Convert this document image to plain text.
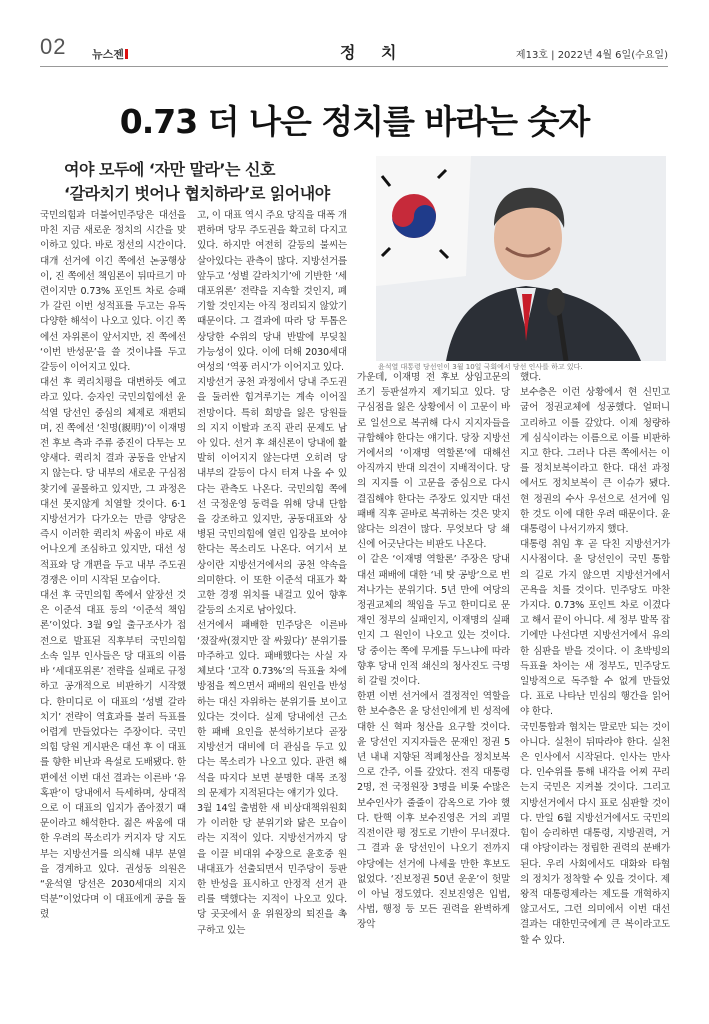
02 뉴스젠	정 치	제13호 | 2022년 4월 6일(수요일)
0.73 더 나은 정치를 바라는 숫자
여야 모두에 ‘자만 말라’는 신호
‘갈라치기 벗어나 협치하라’로 읽어내야
윤석열 대통령 당선인이 3월 10일 국회에서 당선 인사를 하고 있다.
국민의힘과 더불어민주당은 대선을 마친 지금 새로운 정치의 시간을 맞이하고 있다. 바로 정선의 시간이다. 대개 선거에 이긴 쪽에선 논공행상이, 진 쪽에선 책임론이 뒤따르기 마련이지만 0.73% 포인트 차로 승패가 갈린 이번 성적표를 두고는 유독 다양한 해석이 나오고 있다. 이긴 쪽에선 자위론이 앞서지만, 진 쪽에선 ‘이번 반성문’을 쓸 것이냐를 두고 갈등이 이어지고 있다.
대선 후 퀵리치평을 대변하듯 예고라고 있다. 승자인 국민의힘에선 윤석열 당선인 중심의 체제로 재편되며, 진 쪽에선 ‘친명(親明)’이 이재명 전 후보 측과 주류 중진이 다투는 모양새다. 퀵리치 결과 공동을 안남지지 않는다. 당 내부의 새로운 구심점 찾기에 골몰하고 있지만, 그 과정은 대선 못지않게 치열할 것이다. 6·1 지방선거가 다가오는 만큼 양당은 즉시 이러한 퀵리치 싸움이 바로 새어나오게 조심하고 있지만, 대선 성적표와 당 개편을 두고 내부 주도권 경쟁은 이미 시작된 모습이다.
대선 후 국민의힘 쪽에서 앞장선 것은 이준석 대표 등의 ‘이준석 책임론’이었다. 3월 9일 출구조사가 접전으로 발표된 직후부터 국민의힘 소속 일부 인사들은 당 대표의 이름바 ‘세대포위론’ 전략을 실패로 규정하고 공개적으로 비판하기 시작했다. 한미디로 이 대표의 ‘성별 갈라치기’ 전략이 역효과를 불러 득표를 어렵게 만들었다는 주장이다. 국민의힘 당원 게시판은 대선 후 이 대표를 향한 비난과 욕설로 도배됐다. 한편에선 이번 대선 결과는 이른바 ‘유혹판’이 당내에서 득세하며, 상대적으로 이 대표의 입지가 좁아졌기 때문이라고 해석한다. 젊은 싸움에 대한 우려의 목소리가 커지자 당 지도부는 지방선거를 의식해 내부 분열을 경계하고 있다. 권성동 의원은 “윤석열 당선은 2030세대의 지지 덕분”이었다며 이 대표에게 공을 돌렸
고, 이 대표 역시 주요 당직을 대폭 개편하며 당무 주도권을 확고히 다지고 있다. 하지만 여전히 갈등의 불씨는 살아있다는 관측이 많다. 지방선거를 앞두고 ‘성별 갈라치기’에 기반한 ‘세대포위론’ 전략을 지속할 것인지, 폐기할 것인지는 아직 정리되지 않았기 때문이다. 그 결과에 따라 당 투톱은 상당한 수위의 당내 반발에 부딪칠 가능성이 있다. 이에 더해 2030세대 여성의 ‘역풍 러시’가 이어지고 있다.
지방선거 공천 과정에서 당내 주도권을 둘러싼 힘겨루기는 계속 이어질 전망이다. 특히 희망을 잃은 당원들의 지지 이탈과 조직 관리 문제도 남아 있다. 선거 후 쇄신론이 당내에 활발히 이어지지 않는다면 오히려 당 내부의 갈등이 다시 터져 나올 수 있다는 관측도 나온다. 국민의힘 쪽에선 국정운영 동력을 위해 당내 단합을 강조하고 있지만, 공동대표와 상병된 국민의힘에 열린 입장을 보여야 한다는 목소리도 나온다. 여기서 보상이란 지방선거에서의 공천 약속을 의미한다. 이 또한 이준석 대표가 확고한 경쟁 위치를 내걸고 있어 향후 갈등의 소지로 남아있다.
선거에서 패배한 민주당은 이른바 ‘졌잘싸(졌지만 잘 싸웠다)’ 분위기를 마주하고 있다. 패배했다는 사실 자체보다 ‘고작 0.73%’의 득표율 차에 방점을 찍으면서 패배의 원인을 반성하는 대신 자위하는 분위기를 보이고 있다는 것이다. 실제 당내에선 근소한 패배 요인을 분석하기보다 곧장 지방선거 대비에 더 관심을 두고 있다는 목소리가 나오고 있다. 관련 해석을 따지다 보면 분명한 대목 조정의 문제가 지적된다는 얘기가 있다.
3월 14일 출범한 새 비상대책위원회가 이러한 당 분위기와 닮은 모습이라는 지적이 있다. 지방선거까지 당을 이끌 비대위 수장으로 윤호중 원내대표가 선출되면서 민주당이 등판한 반성을 표시하고 안정적 선거 관리를 택했다는 지적이 나오고 있다. 당 곳곳에서 윤 위원장의 퇴진을 촉구하고 있는
가운데, 이재명 전 후보 상임고문의 조기 등판설까지 제기되고 있다. 당 구심점을 잃은 상황에서 이 고문이 바로 일선으로 복귀해 다시 지지자들을 규합해야 한다는 얘기다. 당장 지방선거에서의 ‘이재명 역할론’에 대해선 아직까지 반대 의견이 지배적이다. 당의 지지를 이 고문을 중심으로 다시 결집해야 한다는 주장도 있지만 대선 패배 직후 곧바로 복귀하는 것은 맞지 않다는 의견이 많다. 무엇보다 당 쇄신에 어긋난다는 비판도 나온다.
이 같은 ‘이재명 역할론’ 주장은 당내 대선 패배에 대한 ‘네 탓 공방’으로 번져나가는 분위기다. 5년 만에 여당의 정권교체의 책임을 두고 한미디로 문재인 정부의 실패인지, 이재명의 실패인지 그 원인이 나오고 있는 것이다. 당 중이는 쪽에 무게를 두느냐에 따라 향후 당내 인적 쇄신의 청사진도 극명히 갈릴 것이다.
한편 이번 선거에서 결정적인 역할을 한 보수층은 윤 당선인에게 빈 성적에 대한 신 혁파 청산을 요구할 것이다. 윤 당선인 지지자들은 문재인 정권 5년 내내 지향된 적폐청산을 정치보복으로 간주, 이를 갚았다. 전직 대통령 2명, 전 국정원장 3명을 비롯 수많은 보수인사가 줄줄이 감옥으로 가야 했다. 탄핵 이후 보수진영은 거의 괴멸 직전이란 평 정도로 기반이 무너졌다. 그 결과 윤 당선인이 나오기 전까지 야당에는 선거에 나세울 만한 후보도 없었다. ‘진보정권 50년 운운’이 헛말이 아닐 정도였다. 진보진영은 입법, 사법, 행정 등 모든 권력을 완벽하게 장악
했다.
보수층은 이런 상황에서 현 신민고 굽어 정권교체에 성공했다. 얼떠니 고리하고 이를 갚았다. 이제 청량하게 심식이라는 이름으로 이를 비판하지고 한다. 그러나 다른 쪽에서는 이를 정치보복이라고 한다. 대선 과정에서도 정치보복이 큰 이슈가 됐다. 현 정권의 수사 우선으로 선거에 임한 것도 이에 대한 우려 때문이다. 윤 대통령이 나서기까지 했다.
대통령 취임 후 곧 닥친 지방선거가 시사점이다. 윤 당선인이 국민 통합의 길로 가지 않으면 지방선거에서 곤욕을 치를 것이다. 민주당도 마찬가지다. 0.73% 포인트 차로 이겼다고 해서 끝이 아니다. 세 정부 발목 잡기에만 나선다면 지방선거에서 유의한 심판을 받을 것이다. 이 초박빙의 득표율 차이는 새 정부도, 민주당도 일방적으로 독주할 수 없게 만들었다. 표로 나타난 민심의 행간을 읽어야 한다.
국민통합과 협치는 말로만 되는 것이 아니다. 실천이 뒤따라야 한다. 실천은 인사에서 시작된다. 인사는 만사다. 인수위를 통해 내각을 어찌 꾸리는지 국민은 지켜볼 것이다. 그리고 지방선거에서 다시 표로 심판할 것이다. 만일 6월 지방선거에서도 국민의힘이 승리하면 대통령, 지방권력, 거대 야당이라는 정립한 권력의 분배가 된다. 우리 사회에서도 대화와 타협의 정치가 정착할 수 있을 것이다. 제왕적 대통령제라는 제도를 개혁하지 않고서도, 그런 의미에서 이번 대선 결과는 대한민국에게 큰 복이라고도 할 수 있다.
